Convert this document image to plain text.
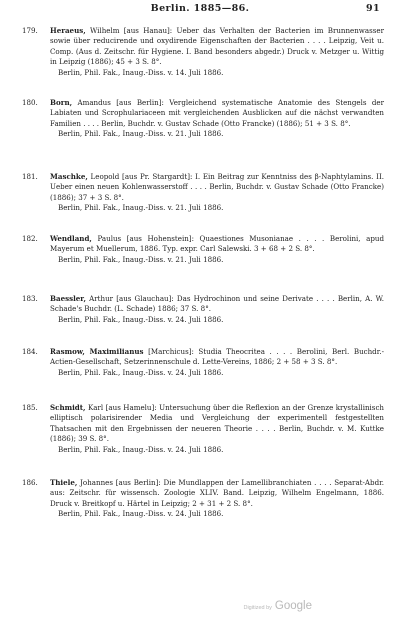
Berlin. 1885—86.	91
179.	Heraeus, Wilhelm [aus Hanau]: Ueber das Verhalten der Bacterien im Brunnenwasser sowie über reducirende und oxydirende Eigenschaften der Bacterien . . . . Leipzig, Veit u. Comp. (Aus d. Zeitschr. für Hygiene. I. Band besonders abgedr.) Druck v. Metzger u. Wittig in Leipzig (1886); 45 + 3 S. 8°.
Berlin, Phil. Fak., Inaug.-Diss. v. 14. Juli 1886.
180.	Born, Amandus [aus Berlin]: Vergleichend systematische Anatomie des Stengels der Labiaten und Scrophulariaceen mit vergleichenden Ausblicken auf die nächst verwandten Familien . . . . Berlin, Buchdr. v. Gustav Schade (Otto Francke) (1886); 51 + 3 S. 8°.
Berlin, Phil. Fak., Inaug.-Diss. v. 21. Juli 1886.
181.	Maschke, Leopold [aus Pr. Stargardt]: I. Ein Beitrag zur Kenntniss des β-Naphtylamins. II. Ueber einen neuen Kohlenwasserstoff . . . . Berlin, Buchdr. v. Gustav Schade (Otto Francke) (1886); 37 + 3 S. 8°.
Berlin, Phil. Fak., Inaug.-Diss. v. 21. Juli 1886.
182.	Wendland, Paulus [aus Hohenstein]: Quaestiones Musonianae . . . . Berolini, apud Mayerum et Muellerum, 1886. Typ. expr. Carl Salewski. 3 + 68 + 2 S. 8°.
Berlin, Phil. Fak., Inaug.-Diss. v. 21. Juli 1886.
183.	Baessler, Arthur [aus Glauchau]: Das Hydrochinon und seine Derivate . . . . Berlin, A. W. Schade's Buchdr. (L. Schade) 1886; 37 S. 8°.
Berlin, Phil. Fak., Inaug.-Diss. v. 24. Juli 1886.
184.	Rasmow, Maximilianus [Marchicus]: Studia Theocritea . . . . Berolini, Berl. Buchdr.-Actien-Gesellschaft, Setzerinnenschule d. Lette-Vereins, 1886; 2 + 58 + 3 S. 8°.
Berlin, Phil. Fak., Inaug.-Diss. v. 24. Juli 1886.
185.	Schmidt, Karl [aus Hamelu]: Untersuchung über die Reflexion an der Grenze krystallinisch elliptisch polarisirender Media und Vergleichung der experimentell festgestellten Thatsachen mit den Ergebnissen der neueren Theorie . . . . Berlin, Buchdr. v. M. Kuttke (1886); 39 S. 8°.
Berlin, Phil. Fak., Inaug.-Diss. v. 24. Juli 1886.
186.	Thiele, Johannes [aus Berlin]: Die Mundlappen der Lamellibranchiaten . . . . Separat-Abdr. aus: Zeitschr. für wissensch. Zoologie XLIV. Band. Leipzig, Wilhelm Engelmann, 1886. Druck v. Breitkopf u. Härtel in Leipzig; 2 + 31 + 2 S. 8°.
Berlin, Phil. Fak., Inaug.-Diss. v. 24. Juli 1886.
Digitized by Google
